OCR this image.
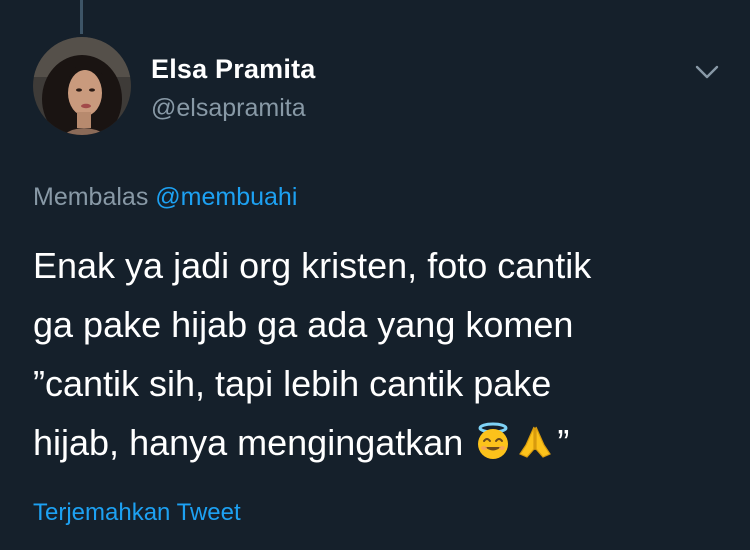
Elsa Pramita
@elsapramita
Membalas @membuahi
Enak ya jadi org kristen, foto cantik
ga pake hijab ga ada yang komen
”cantik sih, tapi lebih cantik pake
hijab, hanya mengingatkan	”
Terjemahkan Tweet
